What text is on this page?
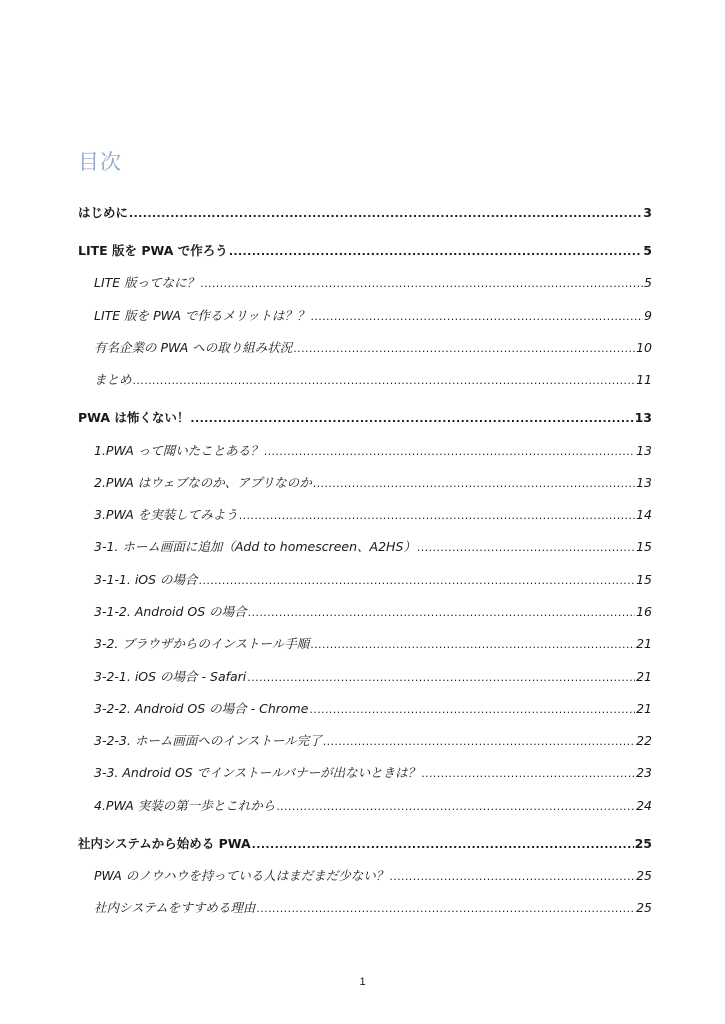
目次
はじめに .....	3
LITE 版を PWA で作ろう .....	5
LITE 版ってなに？ .....	5
LITE 版を PWA で作るメリットは？？ .....	9
有名企業の PWA への取り組み状況 .....	10
まとめ .....	11
PWA は怖くない！ .....	13
1.PWA って聞いたことある？ .....	13
2.PWA はウェブなのか、アプリなのか .....	13
3.PWA を実装してみよう .....	14
3-1. ホーム画面に追加（Add to homescreen、A2HS） .....	15
3-1-1. iOS の場合 .....	15
3-1-2. Android OS の場合 .....	16
3-2. ブラウザからのインストール手順 .....	21
3-2-1. iOS の場合 - Safari .....	21
3-2-2. Android OS の場合 - Chrome .....	21
3-2-3. ホーム画面へのインストール完了 .....	22
3-3. Android OS でインストールバナーが出ないときは？ .....	23
4.PWA 実装の第一歩とこれから .....	24
社内システムから始める PWA .....	25
PWA のノウハウを持っている人はまだまだ少ない？ .....	25
社内システムをすすめる理由 .....	25
1
